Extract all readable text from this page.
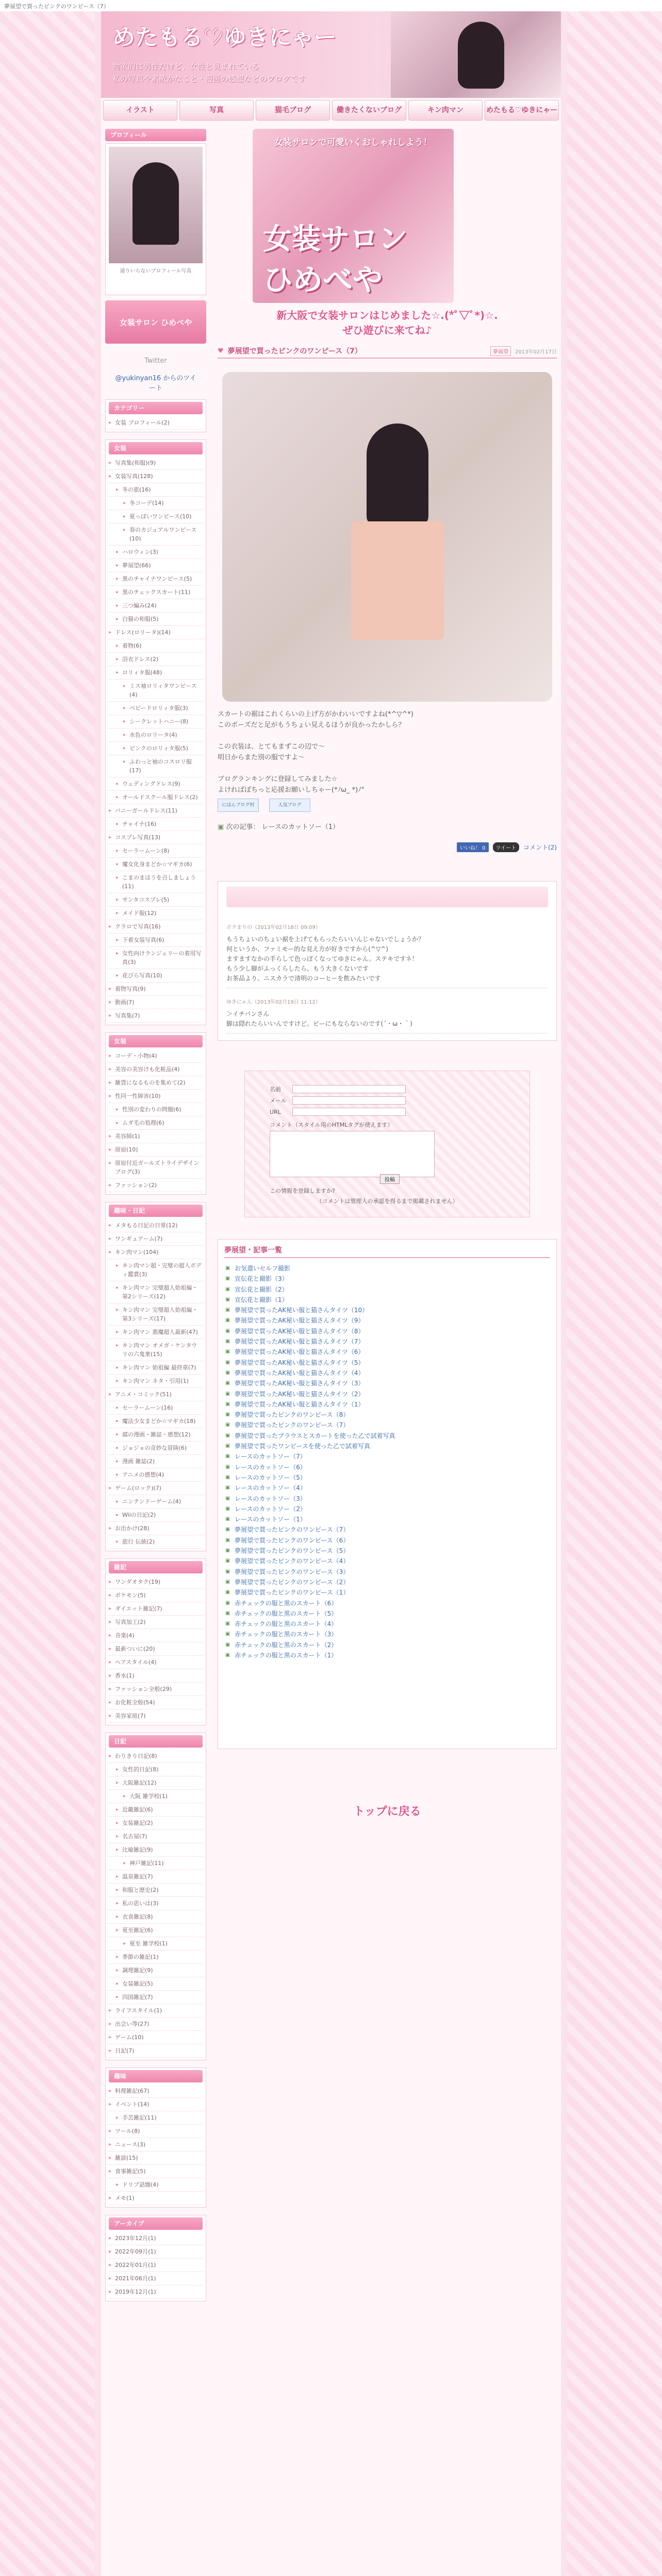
夢展望で買ったピンクのワンピース（7）
めたもる♡ゆきにゃー
物欲的に男性だけど、女性と見まれている
私の写真や素敵かなこと・漫画の感想などのブログです
イラスト	写真	猫毛ブログ	働きたくないブログ	キン肉マン	めたもる♡ゆきにゃー
プロフィール
通りいらないプロフィール写真
女装サロン ひめべや
Twitter
@yukinyan16 からのツイ
ート
カテゴリー
▸ 女装 プロフィール(2)
女装
▸ 写真集(和服)(9)
▸ 女装写真(128)
▸ 冬の旅(16)
▸ 冬コーデ(14)
▸ 夏っぽいワンピース(10)
▸ 春のカジュアルワンピース(10)
▸ ハロウィン(3)
▸ 夢展望(66)
▸ 黒のチャイナワンピース(5)
▸ 黒のチェックスカート(11)
▸ 三つ編み(24)
▸ 白猫の和服(5)
▸ ドレス(ロリータ)(14)
▸ 着物(6)
▸ 浴衣ドレス(2)
▸ ロリィタ服(48)
▸ ミス袖ロリィタワンピース(4)
▸ ベビードロリィタ服(3)
▸ シークレットハニー(8)
▸ 水色のロリータ(4)
▸ ピンクのロリィタ服(5)
▸ ふわっと袖のコスロリ服(17)
▸ ウェディングドレス(9)
▸ オールドスクール服ドレス(2)
▸ バニーガールドレス(11)
▸ チャイナ(16)
▸ コスプレ写真(13)
▸ セーラームーン(8)
▸ 魔女化身まどか☆マギカ(6)
▸ こまのまほうを召しましょう(11)
▸ サンタコスプレ(5)
▸ メイド服(12)
▸ クラロで写真(16)
▸ 下着女装写真(6)
▸ 女性向けランジェリーの着用写真(3)
▸ 花びら写真(10)
▸ 着物写真(9)
▸ 動画(7)
▸ 写真集(7)
女装
▸ コーデ・小物(4)
▸ 美容の美容けも化粧品(4)
▸ 雑貨になるものを集めて(2)
▸ 性同一性障害(10)
▸ 性別の変わりの問題(6)
▸ ムダ毛の処理(6)
▸ 美容師(1)
▸ 原宿(10)
▸ 原宿付近ガールズトライデザインブログ(3)
▸ ファッション(2)
趣味・日記
▸ メタもる日記の日常(12)
▸ ワンギュアーム(7)
▸ キン肉マン(104)
▸ キン肉マン超・完璧の超人ボディ鑑賞(3)
▸ キン肉マン 完璧超人始祖編・第2シリーズ(12)
▸ キン肉マン 完璧超人始祖編・第3シリーズ(17)
▸ キン肉マン 悪魔超人最新(47)
▸ キン肉マン オメガ・ケンタウリの六鬼衆(15)
▸ キン肉マン 始祖編 最終章(7)
▸ キン肉マン ネタ・引用(1)
▸ アニメ・コミック(51)
▸ セーラームーン(16)
▸ 魔法少女まどか☆マギカ(18)
▸ 腐の漫画・雑誌・感想(12)
▸ ジョジョの奇妙な冒険(6)
▸ 漫画 雑誌(2)
▸ アニメの感想(4)
▸ ゲーム(ロック)(7)
▸ ニンテンドーゲーム(4)
▸ Wiiの日記(2)
▸ お出かけ(28)
▸ 旅行 伝統(2)
雑記
▸ ワンダオタク(19)
▸ ポケモン(5)
▸ ダイエット雑記(7)
▸ 写真加工(2)
▸ 音楽(4)
▸ 最新ついに(20)
▸ ヘアスタイル(4)
▸ 香水(1)
▸ ファッション全般(29)
▸ お化粧全般(54)
▸ 美容家庭(7)
日記
▸ わりきり日記(8)
▸ 女性的日記(8)
▸ 大阪雑記(12)
▸ 大阪 雑学校(1)
▸ 近畿雑記(6)
▸ 女装雑記(2)
▸ 名古屋(7)
▸ 比喩雑記(9)
▸ 神戸雑記(11)
▸ 温泉雑記(7)
▸ 和服と歴史(2)
▸ 私の思いは(3)
▸ 衣食雑記(8)
▸ 夏至雑記(6)
▸ 夏至 雑学校(1)
▸ 季節の雑記(1)
▸ 調理雑記(9)
▸ 女装雑記(5)
▸ 四国雑記(7)
▸ ライフスタイル(1)
▸ 出会い等(27)
▸ ゲーム(10)
▸ 日記(7)
趣味
▸ 料理雑記(67)
▸ イベント(14)
▸ 手芸雑記(11)
▸ ツール(8)
▸ ニュース(3)
▸ 雑談(15)
▸ 食事雑記(5)
▸ ドリプ話題(4)
▸ メモ(1)
アーカイブ
▸ 2023年12月(1)
▸ 2022年09月(1)
▸ 2022年01月(1)
▸ 2021年06月(1)
▸ 2019年12月(1)
女装サロンで可愛いくおしゃれしよう！
女装サロン
ひめべや
新大阪で女装サロンはじめました☆.(*ﾟ▽ﾟ*)☆.
ぜひ遊びに来てね♪
♥ 夢展望で買ったピンクのワンピース（7）	夢展望	2013年02月17日

スカートの裾はこれくらいの上げ方がかわいいですよね(*^▽^*)

このポーズだと足がもうちょい見えるほうが良かったかしら？

この衣装は、とてもまずこの辺で〜

明日からまた別の服ですよ〜

ブログランキングに登録してみました☆

よければぽちっと応援お願いしちゃー(*ﾉω_ *)ﾉ"

にほんブログ村	人気ブログ
▣ 次の記事： レースのカットソー（1）
いいね！ 0	ツイート	コメント(2)
ボクまりの（2013年02月18日 09:09）
もうちょいのちょい裾を上げてもらったらいいんじゃないでしょうか？
何というか、ファミモー的な見え方が好きですから(^▽^)
ますますなかの手らして色っぽくなってゆきにゃん。ステキですネ！
もう少し脚がふっくらしたら、もう大きくないです
お茶品より、ニスカラで清明のコーヒーを飲みたいです
ゆきにゃん（2013年02月19日 11:12）
＞イチパンさん
脚は隠れたらいいんですけど。ビーにもならないのです(´・ω・｀)
名前
メール
URL
コメント（スタイル用のHTMLタグが使えます）
この情報を登録しますか?
投稿
（コメントは管理人の承認を得るまで掲載されません）
夢展望・記事一覧
▣ お気遣いセルフ撮影
▣ 宣伝花と撮影（3）
▣ 宣伝花と撮影（2）
▣ 宣伝花と撮影（1）
▣ 夢展望で買ったAK秘い服と猫さんタイツ（10）
▣ 夢展望で買ったAK秘い服と猫さんタイツ（9）
▣ 夢展望で買ったAK秘い服と猫さんタイツ（8）
▣ 夢展望で買ったAK秘い服と猫さんタイツ（7）
▣ 夢展望で買ったAK秘い服と猫さんタイツ（6）
▣ 夢展望で買ったAK秘い服と猫さんタイツ（5）
▣ 夢展望で買ったAK秘い服と猫さんタイツ（4）
▣ 夢展望で買ったAK秘い服と猫さんタイツ（3）
▣ 夢展望で買ったAK秘い服と猫さんタイツ（2）
▣ 夢展望で買ったAK秘い服と猫さんタイツ（1）
▣ 夢展望で買ったピンクのワンピース（8）
▣ 夢展望で買ったピンクのワンピース（7）
▣ 夢展望で買ったブラウスとスカートを使った乙で試着写真
▣ 夢展望で買ったワンピースを使った乙で試着写真
▣ レースのカットソー（7）
▣ レースのカットソー（6）
▣ レースのカットソー（5）
▣ レースのカットソー（4）
▣ レースのカットソー（3）
▣ レースのカットソー（2）
▣ レースのカットソー（1）
▣ 夢展望で買ったピンクのワンピース（7）
▣ 夢展望で買ったピンクのワンピース（6）
▣ 夢展望で買ったピンクのワンピース（5）
▣ 夢展望で買ったピンクのワンピース（4）
▣ 夢展望で買ったピンクのワンピース（3）
▣ 夢展望で買ったピンクのワンピース（2）
▣ 夢展望で買ったピンクのワンピース（1）
▣ 赤チェックの服と黒のスカート（6）
▣ 赤チェックの服と黒のスカート（5）
▣ 赤チェックの服と黒のスカート（4）
▣ 赤チェックの服と黒のスカート（3）
▣ 赤チェックの服と黒のスカート（2）
▣ 赤チェックの服と黒のスカート（1）
トップに戻る
